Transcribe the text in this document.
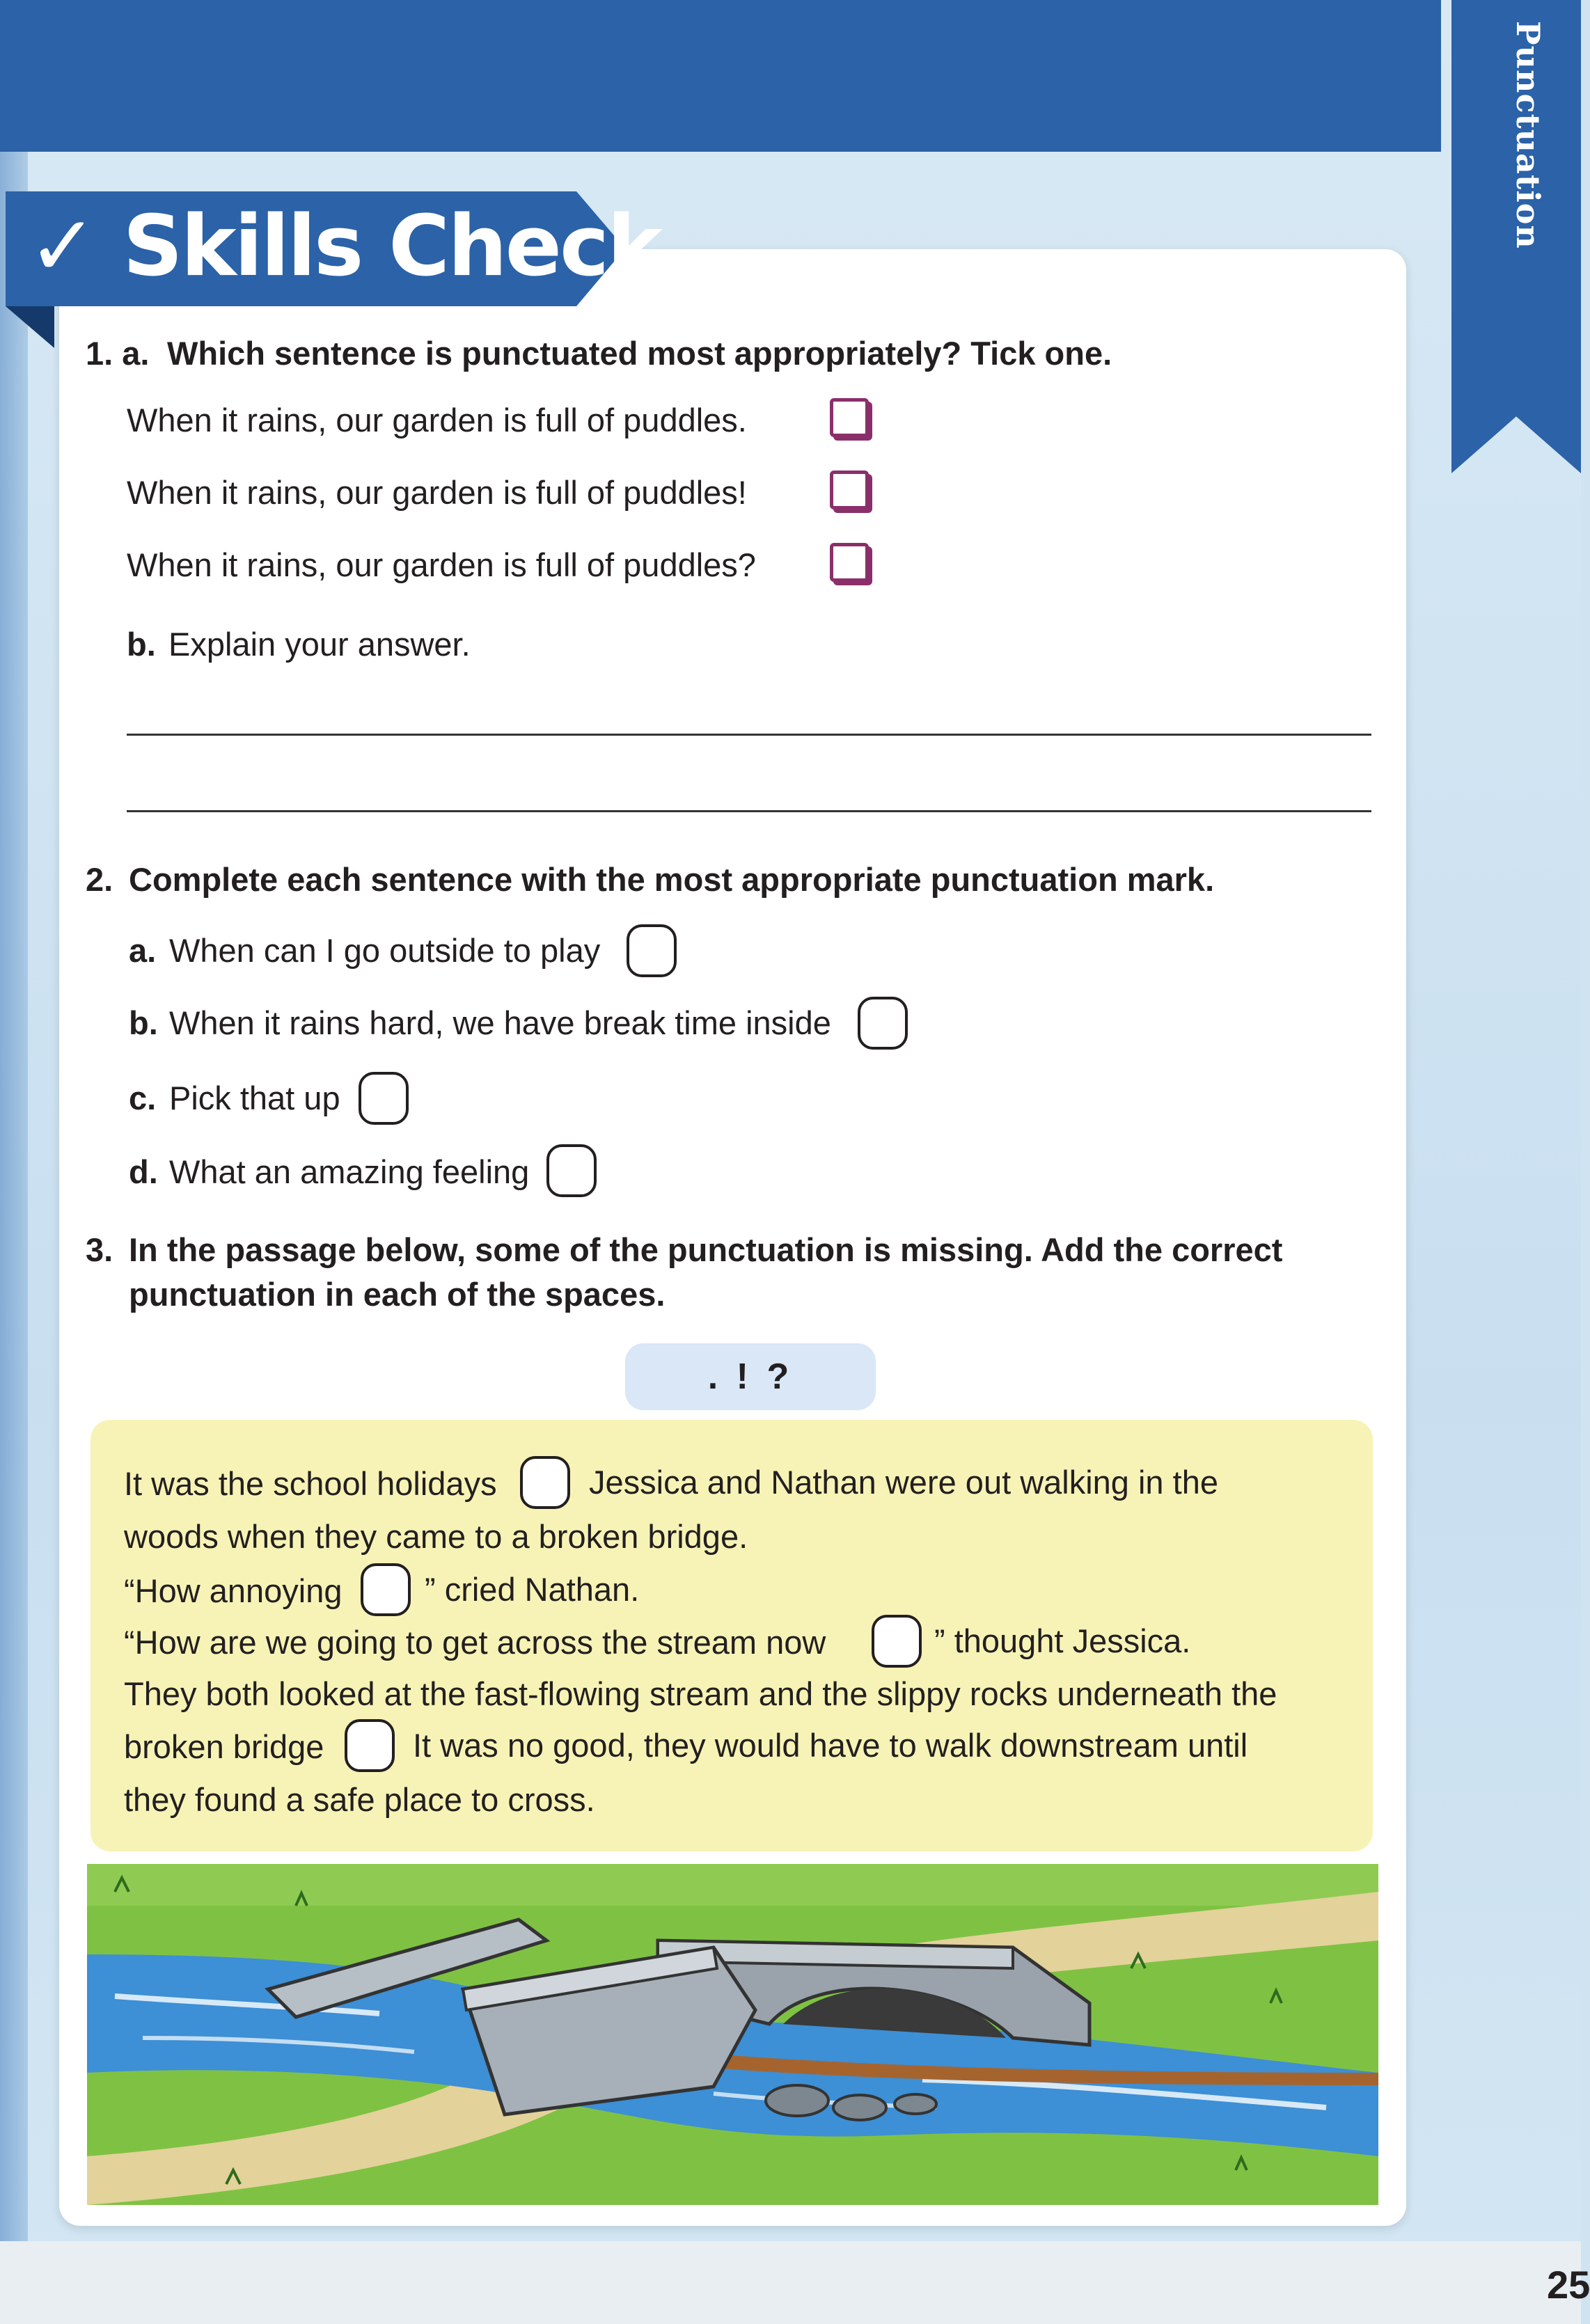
Punctuation
✓ Skills Check
1. a. Which sentence is punctuated most appropriately? Tick one.
When it rains, our garden is full of puddles.
When it rains, our garden is full of puddles!
When it rains, our garden is full of puddles?
b. Explain your answer.
2. Complete each sentence with the most appropriate punctuation mark.
a. When can I go outside to play
b. When it rains hard, we have break time inside
c. Pick that up
d. What an amazing feeling
3. In the passage below, some of the punctuation is missing. Add the correct
punctuation in each of the spaces.
. ! ?
It was the school holidays	Jessica and Nathan were out walking in the
woods when they came to a broken bridge.
“How annoying	” cried Nathan.
“How are we going to get across the stream now	” thought Jessica.
They both looked at the fast-flowing stream and the slippy rocks underneath the
broken bridge	It was no good, they would have to walk downstream until
they found a safe place to cross.
25
